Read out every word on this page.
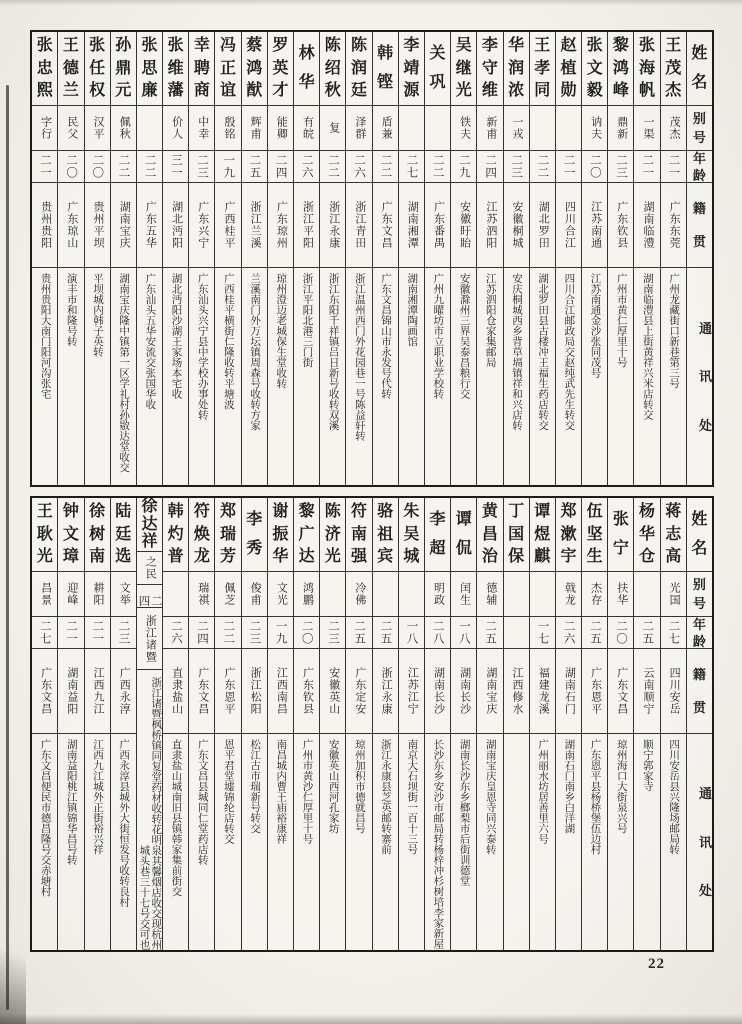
姓
名
别
号
年
龄
籍
贯
通
讯
处
王
茂
杰
茂杰
二一
广东东莞
广州龙藏街口新巷第三号
张
海
帆
一渠
二一
湖南临澧
湖南临澧县上街黄祥兴米店转交
黎
鸿
峰
鼎新
二三
广东钦县
广州市黄仁厚里十号
张
文
毅
讷夫
二〇
江苏南通
江苏南通金沙张同茂号
赵
植
勋
二一
四川合江
四川合江邮政局交赵纯武先生转交
王
孝
同
二二
湖北罗田
湖北罗田县古楼冲王福生药店转交
华
润
浓
一戎
二三
安徽桐城
安庆桐城西乡背草塥镇祥和兴店转
李
守
维
新甫
二四
江苏泗阳
江苏泗阳仓家集邮局
吴
继
光
铁夫
二九
安徽盱眙
安徽滁州三界吴泰昌粮行交
关
巩
二二
广东番禺
广州九曜坊市立职业学校转
李
靖
源
二七
湖南湘潭
湖南湘潭陶画馆
韩
铿
盾兼
二二
广东文昌
广东文昌锦山市永发号代转
陈
润
廷
泽群
二六
浙江青田
浙江温州西门外花园巷一号陈益轩转
陈
绍
秋
复
二二
浙江永康
浙江东阳千祥镇吕日新号收转双溪
林
华
有皖
二六
浙江平阳
浙江平阳北港三门街
罗
英
才
能卿
二四
广东琼州
琼州澄迈老城保生堂收转
蔡
鸿
猷
辉甫
二五
浙江兰溪
兰溪南门外万坛镇周森号收转方家
冯
正
谊
殷铭
一九
广西桂平
广西桂平横街仁隆收转平塘波
幸
聘
商
中幸
二三
广东兴宁
广东汕头兴宁县中学校办事处转
张
维
藩
价人
三一
湖北沔阳
湖北沔阳沙湖王家场本宅收
张
思
廉
二二
广东五华
广东汕头五华安流交张国华收
孙
鼎
元
佩秋
二二
湖南宝庆
湖南宝庆隆中镇第一区学礼村孙敭达堂收交
张
任
权
汉平
二〇
贵州平坝
平坝城内韩子英转
王
德
兰
民父
二〇
广东琼山
演丰市和隆号转
张
忠
熙
字行
二一
贵州贵阳
贵州贵阳大南门阳河沟张宅
姓
名
别
号
年
龄
籍
贯
通
讯
处
蒋
志
高
光国
二七
四川安岳
四川安岳县兴隆场邮局转
杨
华
仓
二五
云南顺宁
顺宁郭家寺
张
宁
扶华
二〇
广东文昌
琼州海口大街泉兴号
伍
坚
生
杰存
二五
广东恩平
广东恩平县杨桥堡伍边村
郑
漱
宇
戟龙
二六
湖南石门
湖南石门南乡白洋湖
谭
煜
麒
一七
福建龙溪
广州丽水坊居善里六号
丁
国
保
江西修水
黄
昌
治
德辅
二五
湖南宝庆
湖南宝庆皇恩寺同兴泰转
谭
侃
闰生
一八
湖南长沙
湖南长沙东乡榔梨市后街训德堂
李
超
明政
二八
湖南长沙
长沙东乡安沙市邮局转杨梓冲杉树培李家新屋
朱
吴
城
一八
江苏江宁
南京大石坝街一百十三号
骆
祖
宾
二五
浙江永康
浙江永康县芝英邮转寨前
符
南
强
冷佛
二五
广东定安
琼州加积市德就昌号
陈
济
光
二三
安徽英山
安徽英山西河孔家坊
黎
广
达
鸿鹏
二〇
广东钦县
广州市黄沙仁厚里十号
谢
振
华
文光
一九
江西南昌
南昌城内曹王庙裕康祥
李
秀
俊甫
二三
浙江松阳
松江古市瑞新号转交
郑
瑞
芳
佩芝
二二
广东恩平
恩平君堂墟锦纶店转交
符
焕
龙
瑞祺
二四
广东文昌
广东文昌县城同仁堂药店转
韩
灼
普
二六
直隶盐山
直隶盐山城南旧县镇韩家集前街交
徐
达
祥
之民
二四
浙江诸暨
浙江诸暨枫桥镇同复堂药材收转花明泉其馨烟店收交现杭州城头巷三十七号交可也
陆
廷
选
文举
二三
广西永淳
广西永淳县城外大街恒发号收转良村
徐
树
南
耕阳
二一
江西九江
江西九江城外正街裕兴祥
钟
文
璋
迎峰
二一
湖南益阳
湖南益阳桃江镇锦华昌号转
王
耿
光
昌景
二七
广东文昌
广东文昌便民市德昌隆号交赤塘村
22
